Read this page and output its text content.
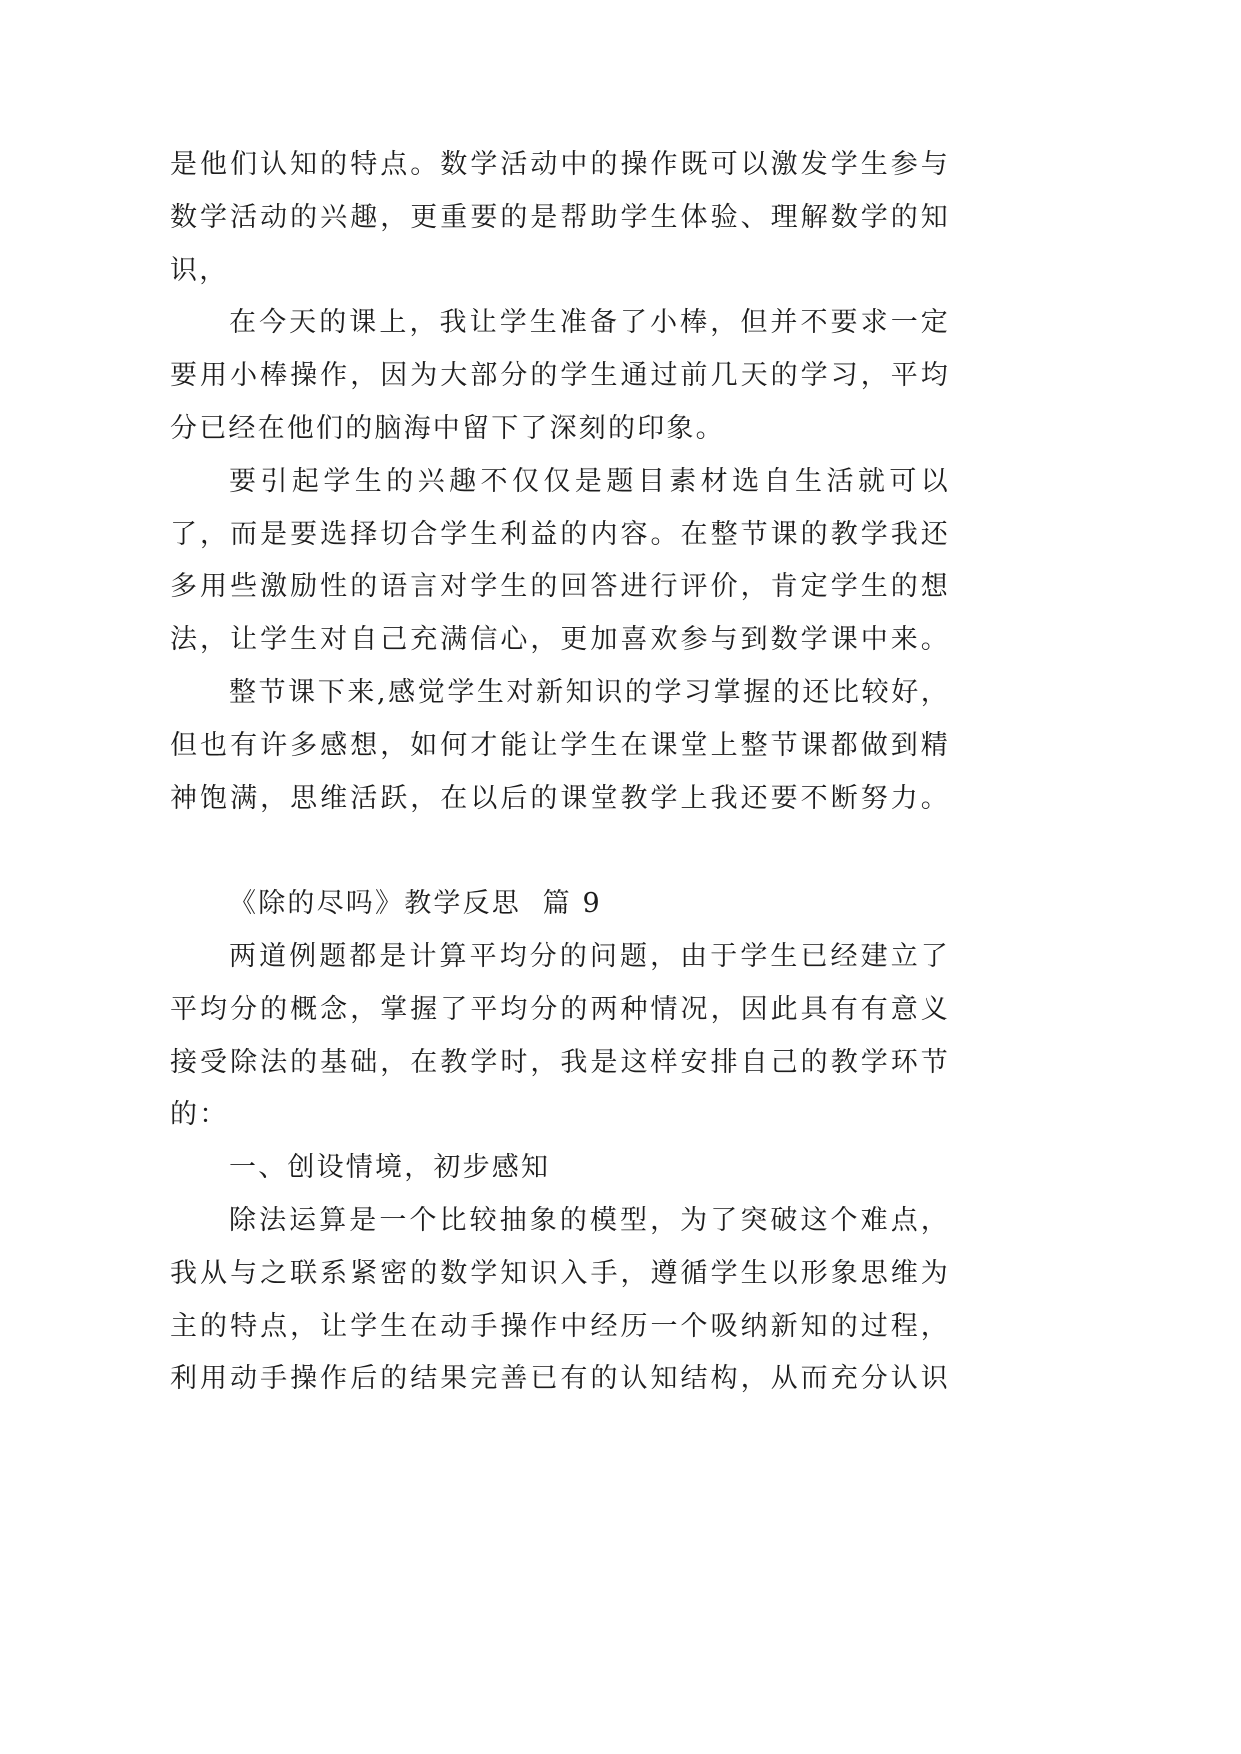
是他们认知的特点。数学活动中的操作既可以激发学生参与
数学活动的兴趣，更重要的是帮助学生体验、理解数学的知
识，
在今天的课上，我让学生准备了小棒，但并不要求一定
要用小棒操作，因为大部分的学生通过前几天的学习，平均
分已经在他们的脑海中留下了深刻的印象。
要引起学生的兴趣不仅仅是题目素材选自生活就可以
了，而是要选择切合学生利益的内容。在整节课的教学我还
多用些激励性的语言对学生的回答进行评价，肯定学生的想
法，让学生对自己充满信心，更加喜欢参与到数学课中来。
整节课下来,感觉学生对新知识的学习掌握的还比较好，
但也有许多感想，如何才能让学生在课堂上整节课都做到精
神饱满，思维活跃，在以后的课堂教学上我还要不断努力。
《除的尽吗》教学反思  篇 9
两道例题都是计算平均分的问题，由于学生已经建立了
平均分的概念，掌握了平均分的两种情况，因此具有有意义
接受除法的基础，在教学时，我是这样安排自己的教学环节
的：
一、创设情境，初步感知
除法运算是一个比较抽象的模型，为了突破这个难点，
我从与之联系紧密的数学知识入手，遵循学生以形象思维为
主的特点，让学生在动手操作中经历一个吸纳新知的过程，
利用动手操作后的结果完善已有的认知结构，从而充分认识
